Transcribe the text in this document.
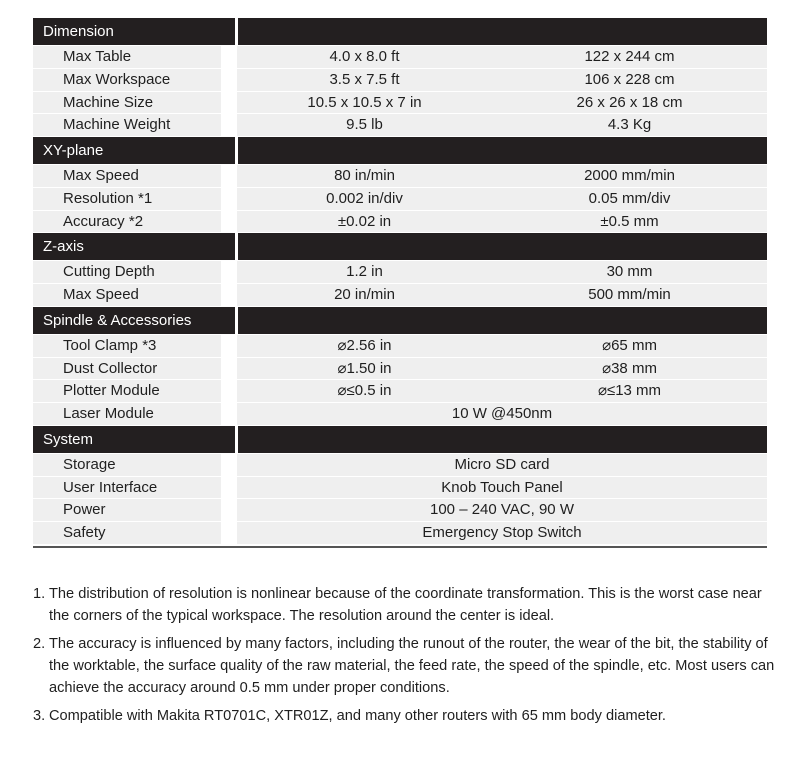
Dimension
Max Table	4.0 x 8.0 ft	122 x 244 cm
Max Workspace	3.5 x 7.5 ft	106 x 228 cm
Machine Size	10.5 x 10.5 x 7 in	26 x 26 x 18 cm
Machine Weight	9.5 lb	4.3 Kg
XY-plane
Max Speed	80 in/min	2000 mm/min
Resolution *1	0.002 in/div	0.05 mm/div
Accuracy *2	±0.02 in	±0.5 mm
Z-axis
Cutting Depth	1.2 in	30 mm
Max Speed	20 in/min	500 mm/min
Spindle & Accessories
Tool Clamp *3	⌀2.56 in	⌀65 mm
Dust Collector	⌀1.50 in	⌀38 mm
Plotter Module	⌀≤0.5 in	⌀≤13 mm
Laser Module	10 W @450nm
System
Storage	Micro SD card
User Interface	Knob Touch Panel
Power	100 – 240 VAC, 90 W
Safety	Emergency Stop Switch
1. The distribution of resolution is nonlinear because of the coordinate transformation. This is the worst case near the corners of the typical workspace. The resolution around the center is ideal.
2. The accuracy is influenced by many factors, including the runout of the router, the wear of the bit, the stability of the worktable, the surface quality of the raw material, the feed rate, the speed of the spindle, etc. Most users can achieve the accuracy around 0.5 mm under proper conditions.
3. Compatible with Makita RT0701C, XTR01Z, and many other routers with 65 mm body diameter.
